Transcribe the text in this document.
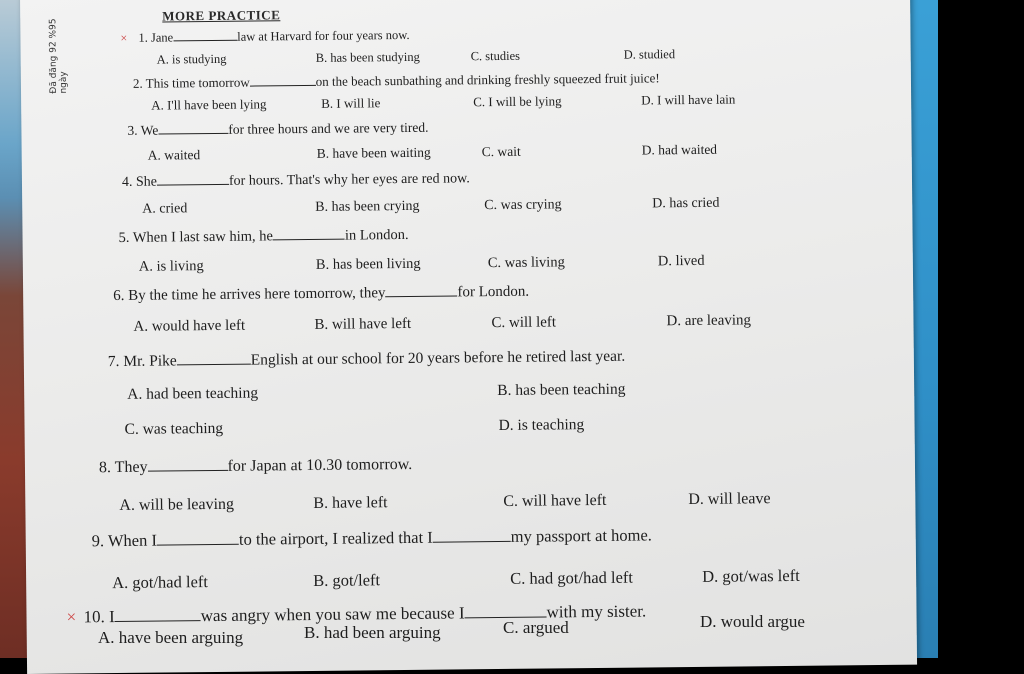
Đã đăng 92 %95 ngày
MORE PRACTICE
× 1. Jane	law at Harvard for four years now.
A. is studying	B. has been studying	C. studies	D. studied
2. This time tomorrow	on the beach sunbathing and drinking freshly squeezed fruit juice!
A. I'll have been lying	B. I will lie	C. I will be lying	D. I will have lain
3. We	for three hours and we are very tired.
A. waited	B. have been waiting	C. wait	D. had waited
4. She	for hours. That's why her eyes are red now.
A. cried	B. has been crying	C. was crying	D. has cried
5. When I last saw him, he	in London.
A. is living	B. has been living	C. was living	D. lived
6. By the time he arrives here tomorrow, they	for London.
A. would have left	B. will have left	C. will left	D. are leaving
7. Mr. Pike	English at our school for 20 years before he retired last year.
A. had been teaching	B. has been teaching
C. was teaching	D. is teaching
8. They	for Japan at 10.30 tomorrow.
A. will be leaving	B. have left	C. will have left	D. will leave
9. When I	to the airport, I realized that I	my passport at home.
A. got/had left	B. got/left	C. had got/had left	D. got/was left
× 10. I	was angry when you saw me because I	with my sister.
A. have been arguing	B. had been arguing	C. argued	D. would argue
